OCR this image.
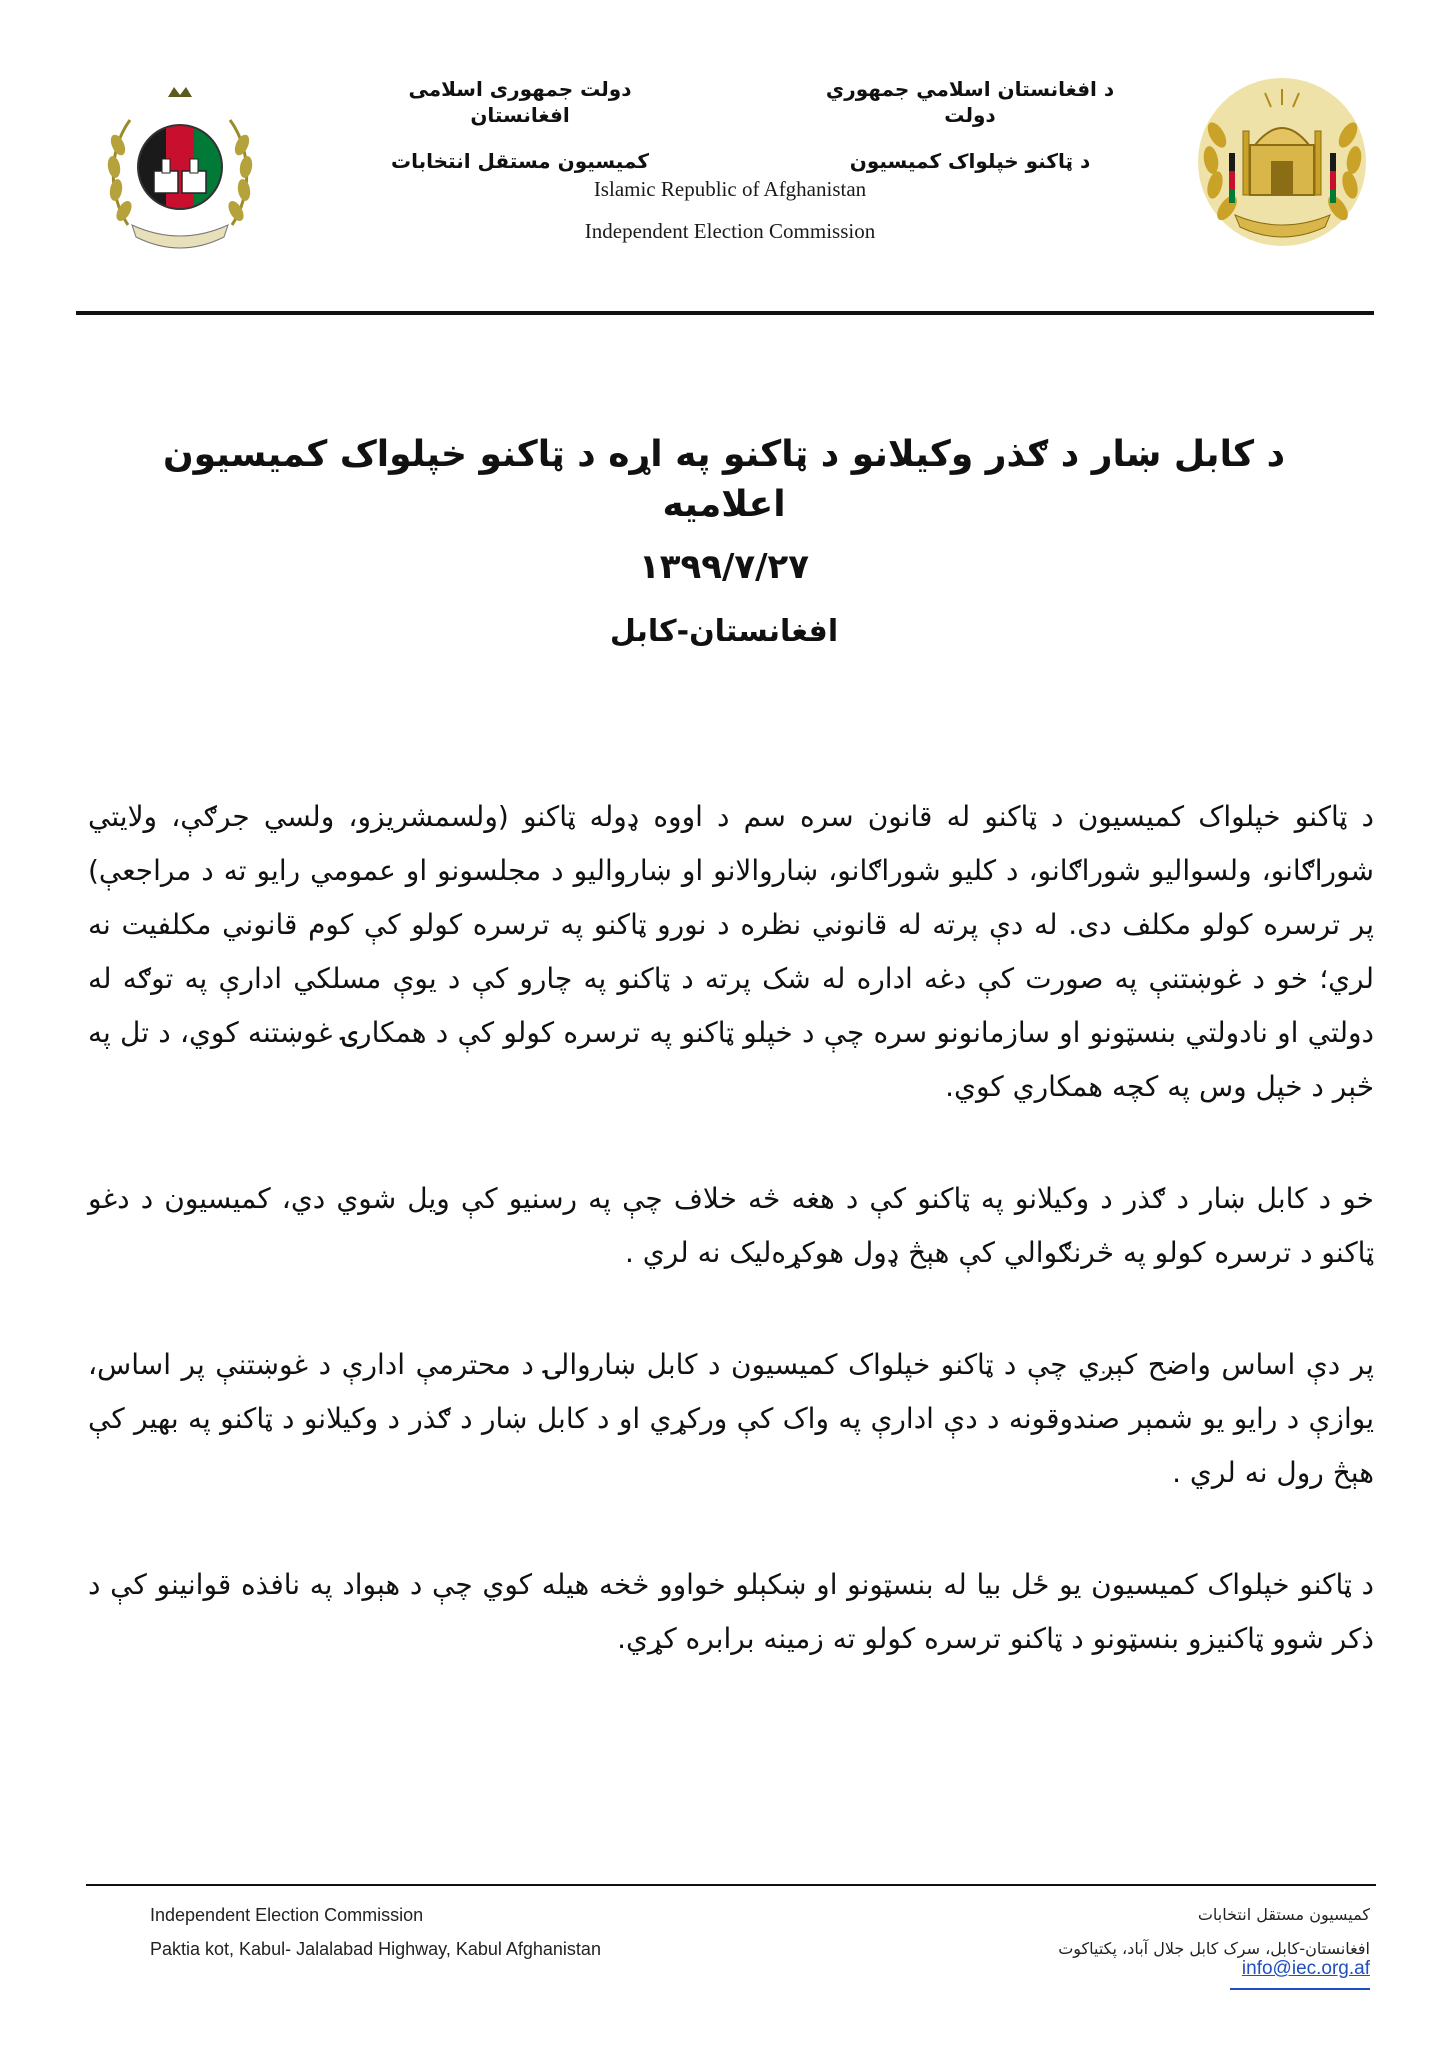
دولت جمهوری اسلامی افغانستان
کمیسیون مستقل انتخابات
د افغانستان اسلامي جمهوري دولت
د ټاکنو خپلواک کمیسیون
Islamic Republic of Afghanistan
Independent Election Commission
د کابل ښار د ګذر وکیلانو د ټاکنو په اړه د ټاکنو خپلواک کمیسیون اعلامیه
۱۳۹۹/۷/۲۷
افغانستان-کابل

د ټاکنو خپلواک کمیسیون د ټاکنو له قانون سره سم د اووه ډوله ټاکنو (ولسمشریزو، ولسي جرګې، ولایتي شوراګانو، ولسوالیو شوراګانو، د کلیو شوراګانو، ښاروالانو او ښاروالیو د مجلسونو او عمومي رایو ته د مراجعې) پر ترسره کولو مکلف دی. له دې پرته له قانوني نظره د نورو ټاکنو په ترسره کولو کې کوم قانوني مکلفیت نه لري؛ خو د غوښتنې په صورت کې دغه اداره له شک پرته د ټاکنو په چارو کې د یوې مسلکي ادارې په توګه له دولتي او نادولتي بنسټونو او سازمانونو سره چې د خپلو ټاکنو په ترسره کولو کې د همکارۍ غوښتنه کوي، د تل په څېر د خپل وس په کچه همکاري کوي.

خو د کابل ښار د ګذر د وکیلانو په ټاکنو کې د هغه څه خلاف چې په رسنیو کې ویل شوي دي، کمیسیون د دغو ټاکنو د ترسره کولو په څرنګوالي کې هېڅ ډول هوکړه‌لیک نه لري .

پر دې اساس واضح کېږي چې د ټاکنو خپلواک کمیسیون د کابل ښاروالۍ د محترمې ادارې د غوښتنې پر اساس، یوازې د رایو یو شمېر صندوقونه د دې ادارې په واک کې ورکړي او د کابل ښار د ګذر د وکیلانو د ټاکنو په بهیر کې هېڅ رول نه لري .

د ټاکنو خپلواک کمیسیون یو ځل بیا له بنسټونو او ښکېلو خواوو څخه هیله کوي چې د هېواد په نافذه قوانینو کې د ذکر شوو ټاکنیزو بنسټونو د ټاکنو ترسره کولو ته زمینه برابره کړي.

Independent Election Commission
Paktia kot, Kabul- Jalalabad Highway, Kabul Afghanistan
کمیسیون مستقل انتخابات
افغانستان-کابل، سرک کابل جلال آباد، پکتیاکوت
info@iec.org.af
